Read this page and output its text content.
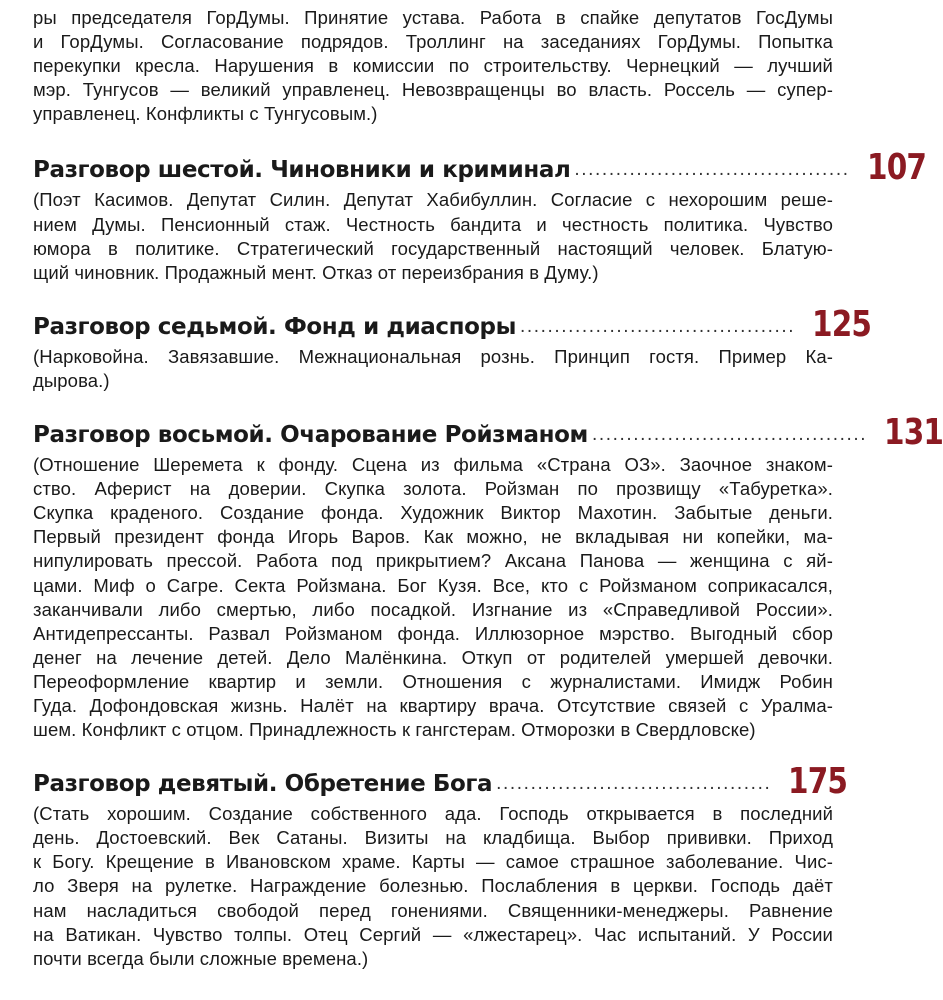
ры председателя ГорДумы. Принятие устава. Работа в спайке депутатов ГосДумы
и ГорДумы. Согласование подрядов. Троллинг на заседаниях ГорДумы. Попытка
перекупки кресла. Нарушения в комиссии по строительству. Чернецкий — лучший
мэр. Тунгусов — великий управленец. Невозвращенцы во власть. Россель — супер-
управленец. Конфликты с Тунгусовым.)
Разговор шестой. Чиновники и криминал ........................................ 107
(Поэт Касимов. Депутат Силин. Депутат Хабибуллин. Согласие с нехорошим реше-
нием Думы. Пенсионный стаж. Честность бандита и честность политика. Чувство
юмора в политике. Стратегический государственный настоящий человек. Блатую-
щий чиновник. Продажный мент. Отказ от переизбрания в Думу.)
Разговор седьмой. Фонд и диаспоры ........................................ 125
(Нарковойна. Завязавшие. Межнациональная рознь. Принцип гостя. Пример Ка-
дырова.)
Разговор восьмой. Очарование Ройзманом ........................................ 131
(Отношение Шеремета к фонду. Сцена из фильма «Страна ОЗ». Заочное знаком-
ство. Аферист на доверии. Скупка золота. Ройзман по прозвищу «Табуретка».
Скупка краденого. Создание фонда. Художник Виктор Махотин. Забытые деньги.
Первый президент фонда Игорь Варов. Как можно, не вкладывая ни копейки, ма-
нипулировать прессой. Работа под прикрытием? Аксана Панова — женщина с яй-
цами. Миф о Сагре. Секта Ройзмана. Бог Кузя. Все, кто с Ройзманом соприкасался,
заканчивали либо смертью, либо посадкой. Изгнание из «Справедливой России».
Антидепрессанты. Развал Ройзманом фонда. Иллюзорное мэрство. Выгодный сбор
денег на лечение детей. Дело Малёнкина. Откуп от родителей умершей девочки.
Переоформление квартир и земли. Отношения с журналистами. Имидж Робин
Гуда. Дофондовская жизнь. Налёт на квартиру врача. Отсутствие связей с Уралма-
шем. Конфликт с отцом. Принадлежность к гангстерам. Отморозки в Свердловске)
Разговор девятый. Обретение Бога ........................................ 175
(Стать хорошим. Создание собственного ада. Господь открывается в последний
день. Достоевский. Век Сатаны. Визиты на кладбища. Выбор прививки. Приход
к Богу. Крещение в Ивановском храме. Карты — самое страшное заболевание. Чис-
ло Зверя на рулетке. Награждение болезнью. Послабления в церкви. Господь даёт
нам насладиться свободой перед гонениями. Священники-менеджеры. Равнение
на Ватикан. Чувство толпы. Отец Сергий — «лжестарец». Час испытаний. У России
почти всегда были сложные времена.)
